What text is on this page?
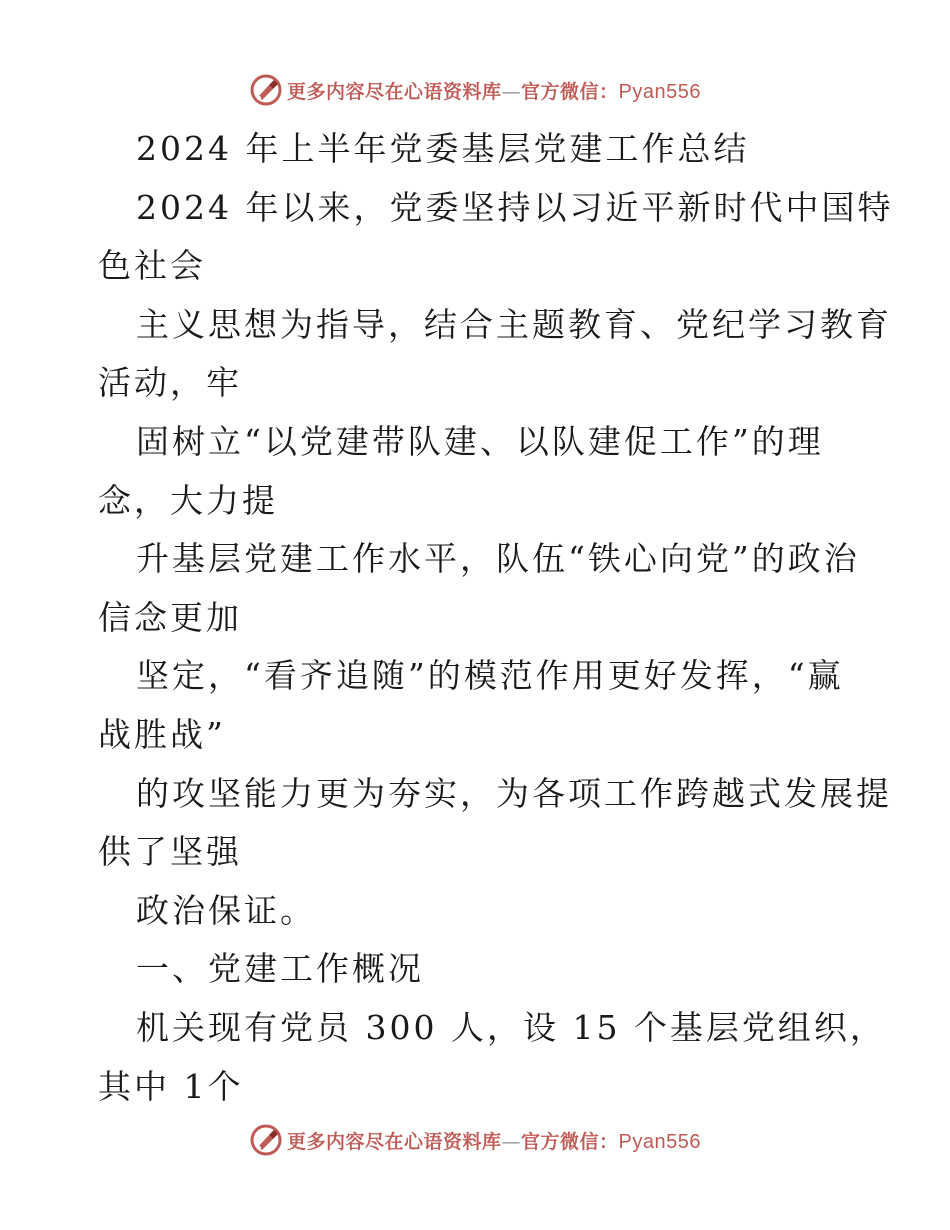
更多内容尽在心语资料库—官方微信：Pyan556
2024 年上半年党委基层党建工作总结
2024 年以来，党委坚持以习近平新时代中国特
色社会
主义思想为指导，结合主题教育、党纪学习教育
活动，牢
固树立“以党建带队建、以队建促工作”的理
念，大力提
升基层党建工作水平，队伍“铁心向党”的政治
信念更加
坚定，“看齐追随”的模范作用更好发挥，“赢
战胜战”
的攻坚能力更为夯实，为各项工作跨越式发展提
供了坚强
政治保证。
一、党建工作概况
机关现有党员 300 人，设 15 个基层党组织，
其中 1个
更多内容尽在心语资料库—官方微信：Pyan556
